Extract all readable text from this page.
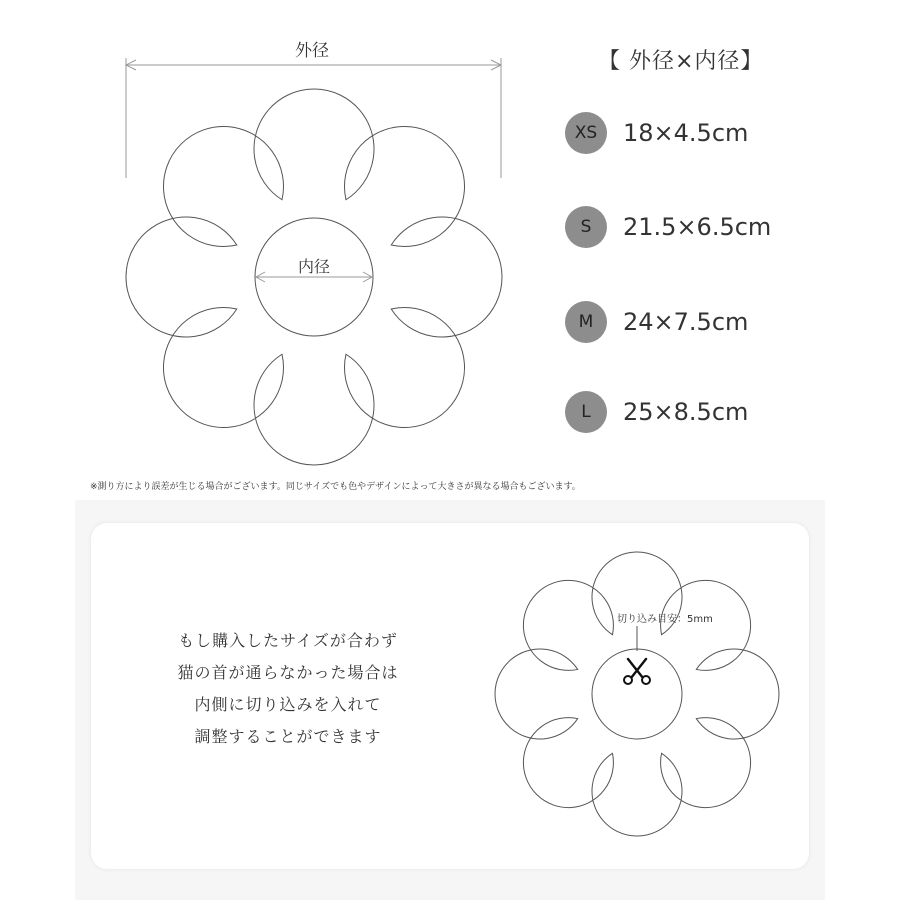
外径
内径
【 外径×内径】
XS	18×4.5cm
S	21.5×6.5cm
M	24×7.5cm
L	25×8.5cm
※測り方により誤差が生じる場合がございます。同じサイズでも色やデザインによって大きさが異なる場合もございます。
もし購入したサイズが合わず
猫の首が通らなかった場合は
内側に切り込みを入れて
調整することができます
切り込み目安：5mm
